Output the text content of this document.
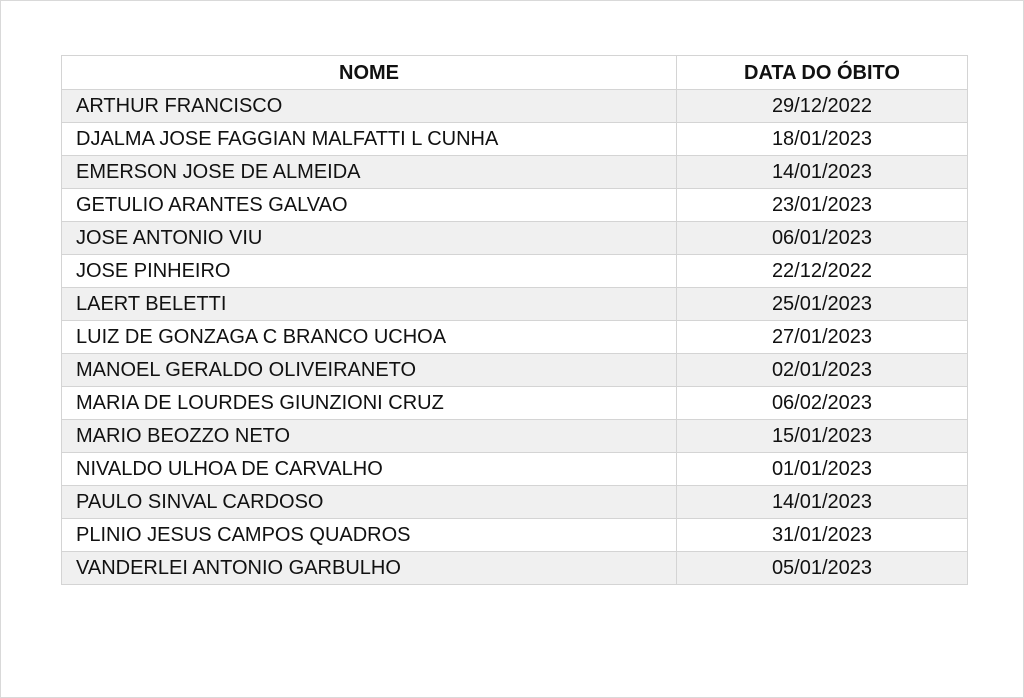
NOME	DATA DO ÓBITO
ARTHUR FRANCISCO	29/12/2022
DJALMA JOSE FAGGIAN MALFATTI L CUNHA	18/01/2023
EMERSON JOSE DE ALMEIDA	14/01/2023
GETULIO ARANTES GALVAO	23/01/2023
JOSE ANTONIO VIU	06/01/2023
JOSE PINHEIRO	22/12/2022
LAERT BELETTI	25/01/2023
LUIZ DE GONZAGA C BRANCO UCHOA	27/01/2023
MANOEL GERALDO OLIVEIRANETO	02/01/2023
MARIA DE LOURDES GIUNZIONI CRUZ	06/02/2023
MARIO BEOZZO NETO	15/01/2023
NIVALDO ULHOA DE CARVALHO	01/01/2023
PAULO SINVAL CARDOSO	14/01/2023
PLINIO JESUS CAMPOS QUADROS	31/01/2023
VANDERLEI ANTONIO GARBULHO	05/01/2023
